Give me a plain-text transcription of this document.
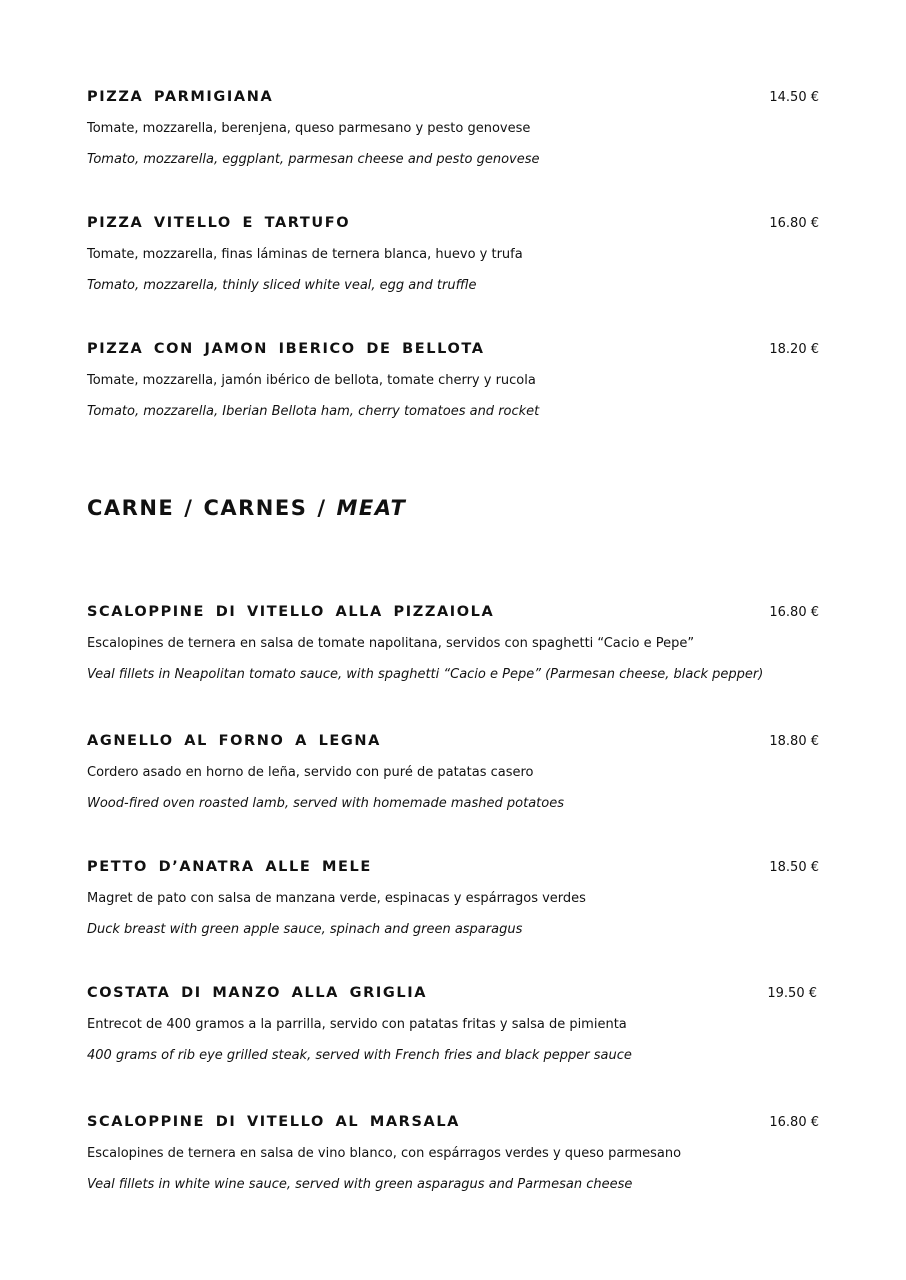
PIZZA PARMIGIANA	14.50 €
Tomate, mozzarella, berenjena, queso parmesano y pesto genovese
Tomato, mozzarella, eggplant, parmesan cheese and pesto genovese
PIZZA VITELLO E TARTUFO	16.80 €
Tomate, mozzarella, finas láminas de ternera blanca, huevo y trufa
Tomato, mozzarella, thinly sliced white veal, egg and truffle
PIZZA CON JAMON IBERICO DE BELLOTA	18.20 €
Tomate, mozzarella, jamón ibérico de bellota, tomate cherry y rucola
Tomato, mozzarella, Iberian Bellota ham, cherry tomatoes and rocket
CARNE / CARNES / MEAT
SCALOPPINE DI VITELLO ALLA PIZZAIOLA	16.80 €
Escalopines de ternera en salsa de tomate napolitana, servidos con spaghetti “Cacio e Pepe”
Veal fillets in Neapolitan tomato sauce, with spaghetti “Cacio e Pepe” (Parmesan cheese, black pepper)
AGNELLO AL FORNO A LEGNA	18.80 €
Cordero asado en horno de leña, servido con puré de patatas casero
Wood-fired oven roasted lamb, served with homemade mashed potatoes
PETTO D’ANATRA ALLE MELE	18.50 €
Magret de pato con salsa de manzana verde, espinacas y espárragos verdes
Duck breast with green apple sauce, spinach and green asparagus
COSTATA DI MANZO ALLA GRIGLIA	19.50 €
Entrecot de 400 gramos a la parrilla, servido con patatas fritas y salsa de pimienta
400 grams of rib eye grilled steak, served with French fries and black pepper sauce
SCALOPPINE DI VITELLO AL MARSALA	16.80 €
Escalopines de ternera en salsa de vino blanco, con espárragos verdes y queso parmesano
Veal fillets in white wine sauce, served with green asparagus and Parmesan cheese
